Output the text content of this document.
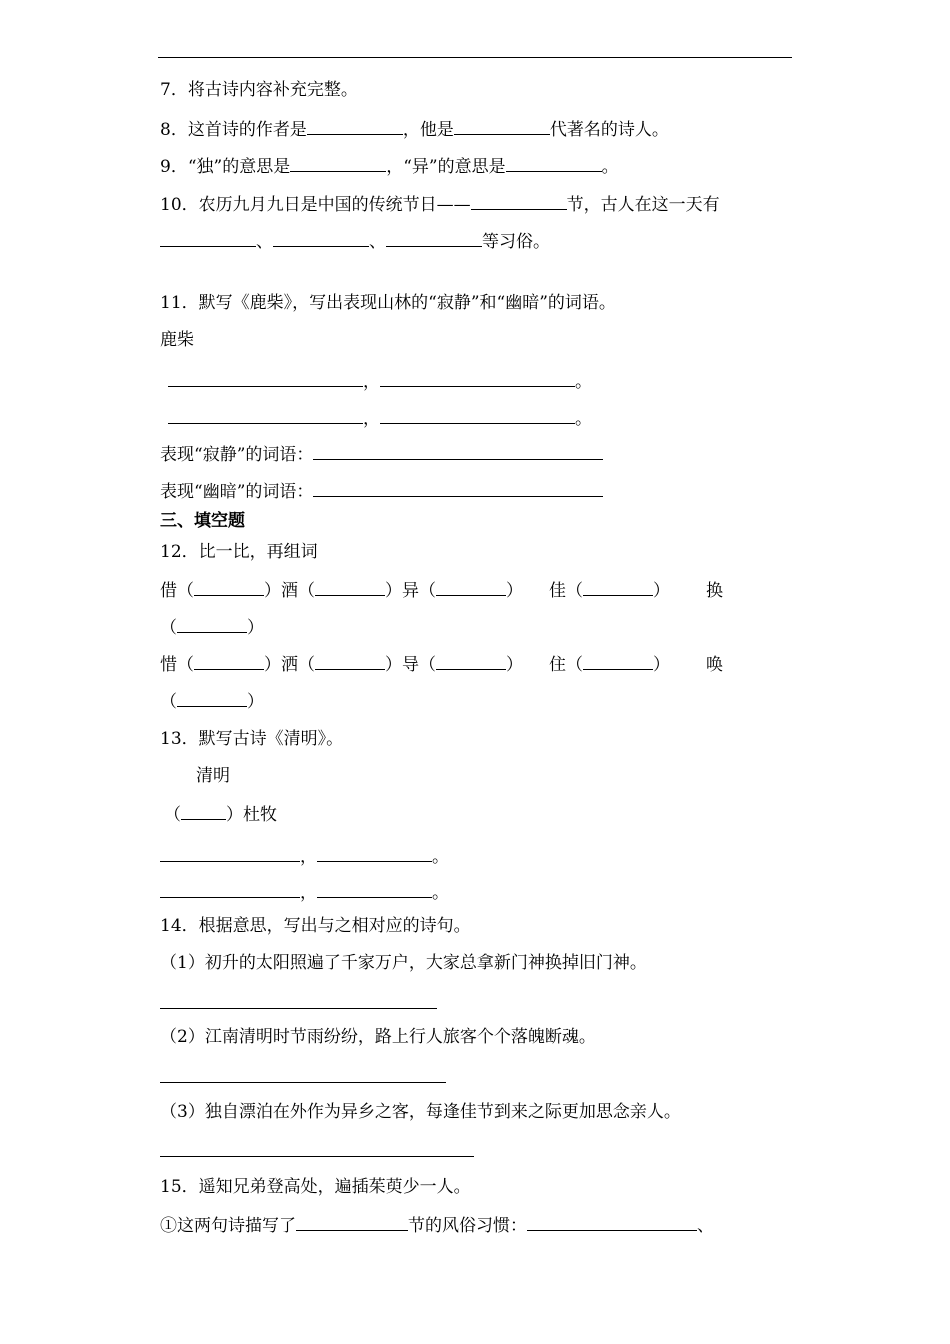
7．将古诗内容补充完整。
8．这首诗的作者是	，他是	代著名的诗人。
9．“独”的意思是	，“异”的意思是	。
10．农历九月九日是中国的传统节日——	节，古人在这一天有
、	、	等习俗。
11．默写《鹿柴》，写出表现山林的“寂静”和“幽暗”的词语。
鹿柴
，	。
，	。
表现“寂静”的词语：
表现“幽暗”的词语：
三、填空题
12．比一比，再组词
借（	）酒（	）异（	） 佳（	） 换
（	）
惜（	）洒（	）导（	） 住（	） 唤
（	）
13．默写古诗《清明》。
清明
（	）杜牧
，	。
，	。
14．根据意思，写出与之相对应的诗句。
（1）初升的太阳照遍了千家万户，大家总拿新门神换掉旧门神。
（2）江南清明时节雨纷纷，路上行人旅客个个落魄断魂。
（3）独自漂泊在外作为异乡之客，每逢佳节到来之际更加思念亲人。
15．遥知兄弟登高处，遍插茱萸少一人。
①这两句诗描写了	节的风俗习惯：	、
